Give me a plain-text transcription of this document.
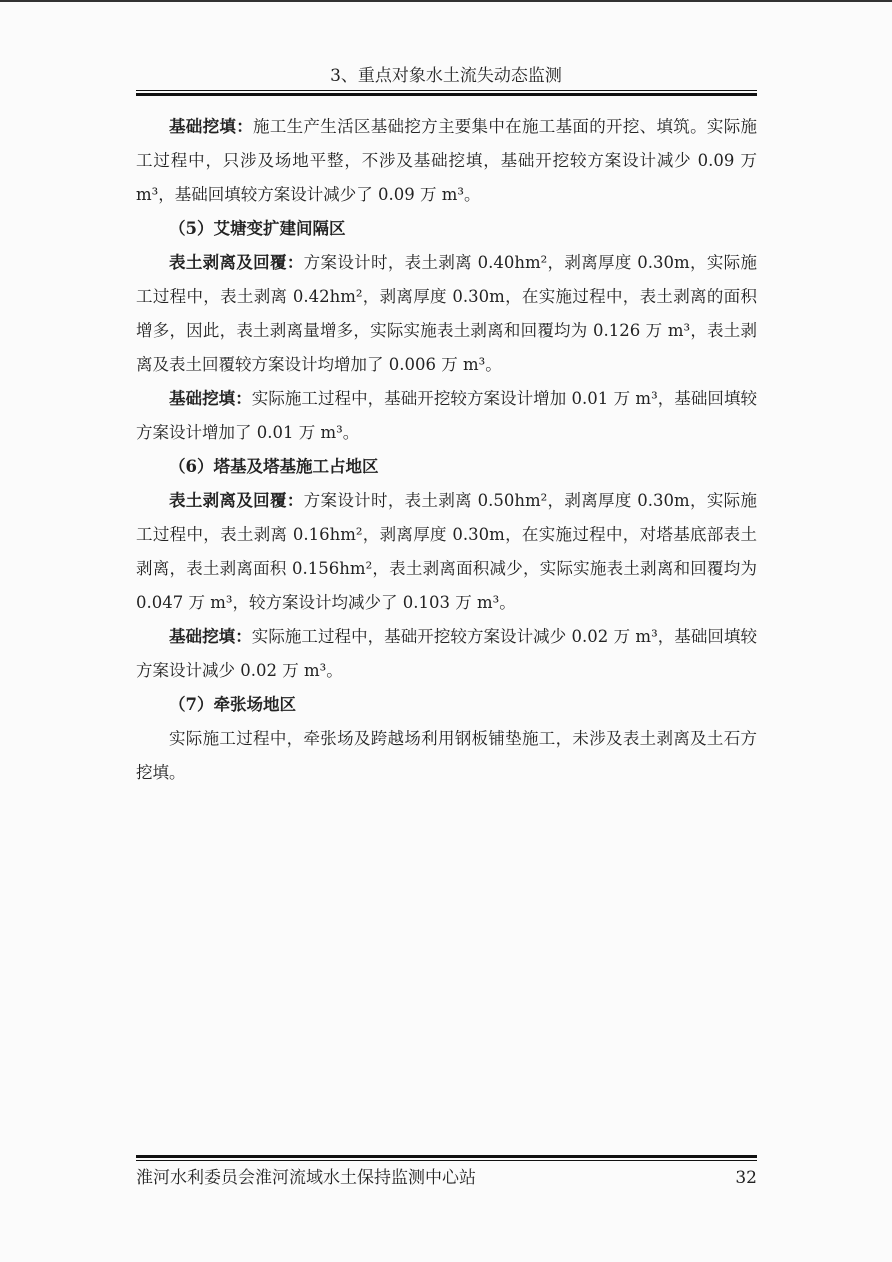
3、重点对象水土流失动态监测

基础挖填：施工生产生活区基础挖方主要集中在施工基面的开挖、填筑。实际施工过程中，只涉及场地平整，不涉及基础挖填，基础开挖较方案设计减少 0.09 万 m³，基础回填较方案设计减少了 0.09 万 m³。

（5）艾塘变扩建间隔区

表土剥离及回覆：方案设计时，表土剥离 0.40hm²，剥离厚度 0.30m，实际施工过程中，表土剥离 0.42hm²，剥离厚度 0.30m，在实施过程中，表土剥离的面积增多，因此，表土剥离量增多，实际实施表土剥离和回覆均为 0.126 万 m³，表土剥离及表土回覆较方案设计均增加了 0.006 万 m³。

基础挖填：实际施工过程中，基础开挖较方案设计增加 0.01 万 m³，基础回填较方案设计增加了 0.01 万 m³。

（6）塔基及塔基施工占地区

表土剥离及回覆：方案设计时，表土剥离 0.50hm²，剥离厚度 0.30m，实际施工过程中，表土剥离 0.16hm²，剥离厚度 0.30m，在实施过程中，对塔基底部表土剥离，表土剥离面积 0.156hm²，表土剥离面积减少，实际实施表土剥离和回覆均为 0.047 万 m³，较方案设计均减少了 0.103 万 m³。

基础挖填：实际施工过程中，基础开挖较方案设计减少 0.02 万 m³，基础回填较方案设计减少 0.02 万 m³。

（7）牵张场地区

实际施工过程中，牵张场及跨越场利用钢板铺垫施工，未涉及表土剥离及土石方挖填。

淮河水利委员会淮河流域水土保持监测中心站	32
